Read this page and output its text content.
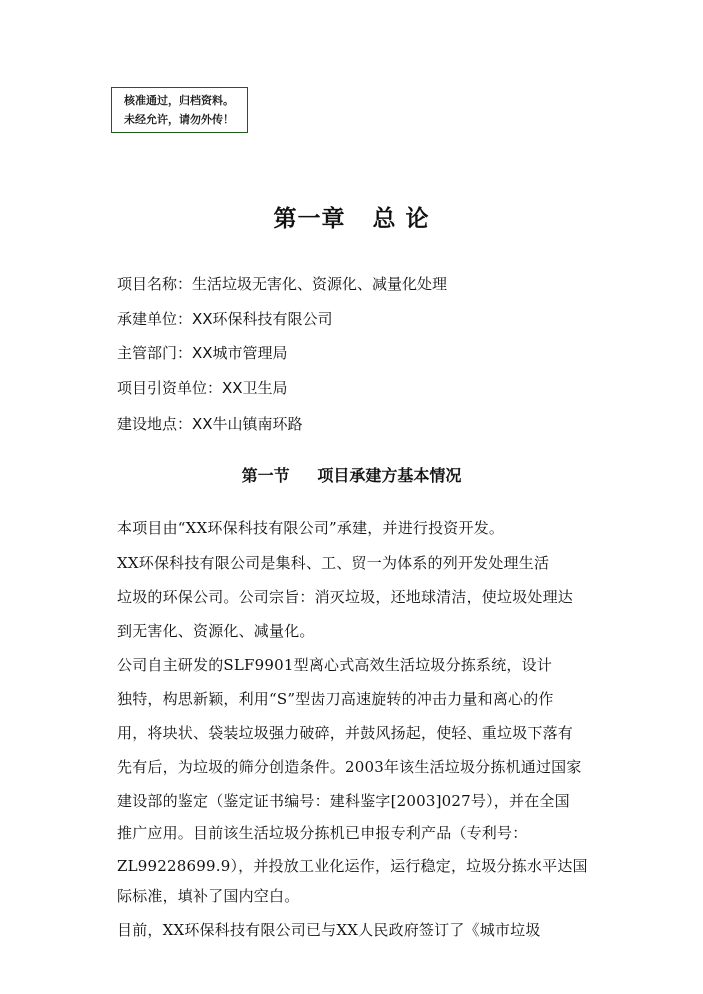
核准通过，归档资料。
未经允许，请勿外传！
第一章   总 论
项目名称：生活垃圾无害化、资源化、减量化处理
承建单位：XX环保科技有限公司
主管部门：XX城市管理局
项目引资单位：XX卫生局
建设地点：XX牛山镇南环路
第一节     项目承建方基本情况
本项目由“XX环保科技有限公司”承建，并进行投资开发。
XX环保科技有限公司是集科、工、贸一为体系的列开发处理生活
垃圾的环保公司。公司宗旨：消灭垃圾，还地球清洁，使垃圾处理达
到无害化、资源化、减量化。
公司自主研发的SLF9901型离心式高效生活垃圾分拣系统，设计
独特，构思新颖，利用“S”型齿刀高速旋转的冲击力量和离心的作
用，将块状、袋装垃圾强力破碎，并鼓风扬起，使轻、重垃圾下落有
先有后，为垃圾的筛分创造条件。2003年该生活垃圾分拣机通过国家
建设部的鉴定（鉴定证书编号：建科鉴字[2003]027号），并在全国
推广应用。目前该生活垃圾分拣机已申报专利产品（专利号：
ZL99228699.9），并投放工业化运作，运行稳定，垃圾分拣水平达国
际标准，填补了国内空白。
目前，XX环保科技有限公司已与XX人民政府签订了《城市垃圾
